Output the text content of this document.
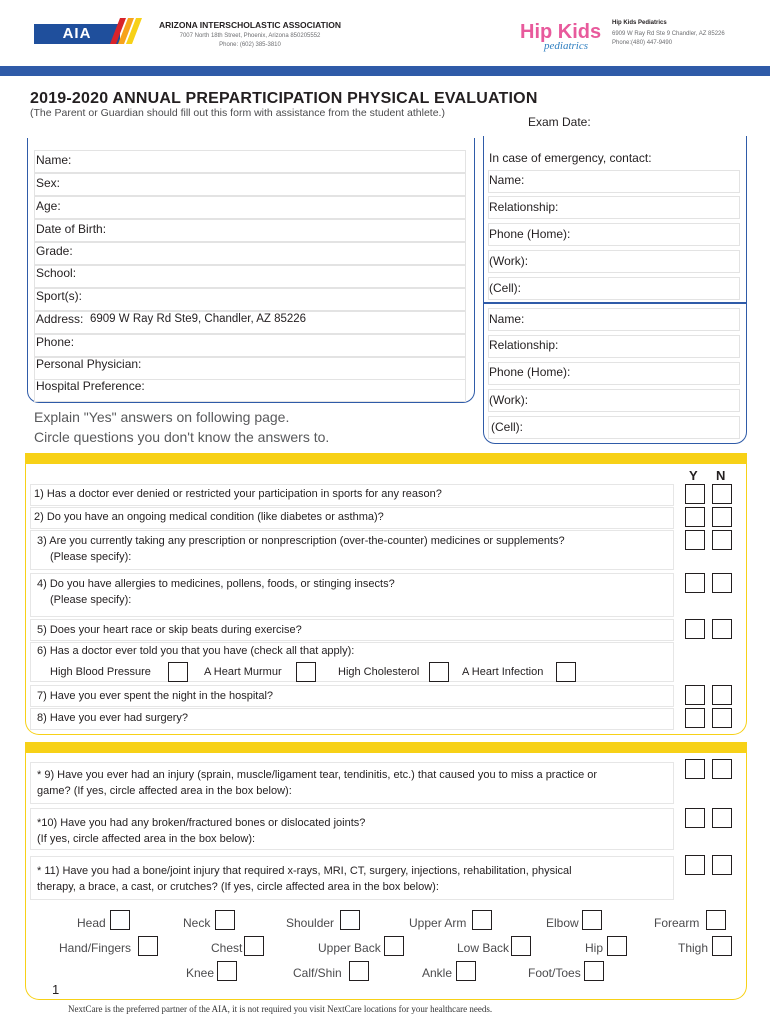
AIA	ARIZONA INTERSCHOLASTIC ASSOCIATION
7007 North 18th Street, Phoenix, Arizona 850205552
Phone: (602) 385-3810
Hip Kids
pediatrics
Hip Kids Pediatrics
6909 W Ray Rd Ste 9 Chandler, AZ 85226
Phone:(480) 447-9490
2019-2020 ANNUAL PREPARTICIPATION PHYSICAL EVALUATION
(The Parent or Guardian should fill out this form with assistance from the student athlete.)
Exam Date:
Name:
Sex:
Age:
Date of Birth:
Grade:
School:
Sport(s):
Address: 6909 W Ray Rd Ste9, Chandler, AZ 85226
Phone:
Personal Physician:
Hospital Preference:
In case of emergency, contact:
Name:
Relationship:
Phone (Home):
(Work):
(Cell):
Name:
Relationship:
Phone (Home):
(Work):
(Cell):
Explain "Yes" answers on following page.
Circle questions you don't know the answers to.
Y N
1) Has a doctor ever denied or restricted your participation in sports for any reason?
2) Do you have an ongoing medical condition (like diabetes or asthma)?
3) Are you currently taking any prescription or nonprescription (over-the-counter) medicines or supplements?
(Please specify):
4) Do you have allergies to medicines, pollens, foods, or stinging insects?
(Please specify):
5) Does your heart race or skip beats during exercise?
6) Has a doctor ever told you that you have (check all that apply):
High Blood Pressure	A Heart Murmur	High Cholesterol	A Heart Infection
7) Have you ever spent the night in the hospital?
8) Have you ever had surgery?
* 9) Have you ever had an injury (sprain, muscle/ligament tear, tendinitis, etc.) that caused you to miss a practice or
game? (If yes, circle affected area in the box below):
*10) Have you had any broken/fractured bones or dislocated joints?
(If yes, circle affected area in the box below):
* 11) Have you had a bone/joint injury that required x-rays, MRI, CT, surgery, injections, rehabilitation, physical
therapy, a brace, a cast, or crutches? (If yes, circle affected area in the box below):
Head	Neck	Shoulder	Upper Arm	Elbow	Forearm
Hand/Fingers	Chest	Upper Back	Low Back	Hip	Thigh
Knee	Calf/Shin	Ankle	Foot/Toes
1
NextCare is the preferred partner of the AIA, it is not required you visit NextCare locations for your healthcare needs.
